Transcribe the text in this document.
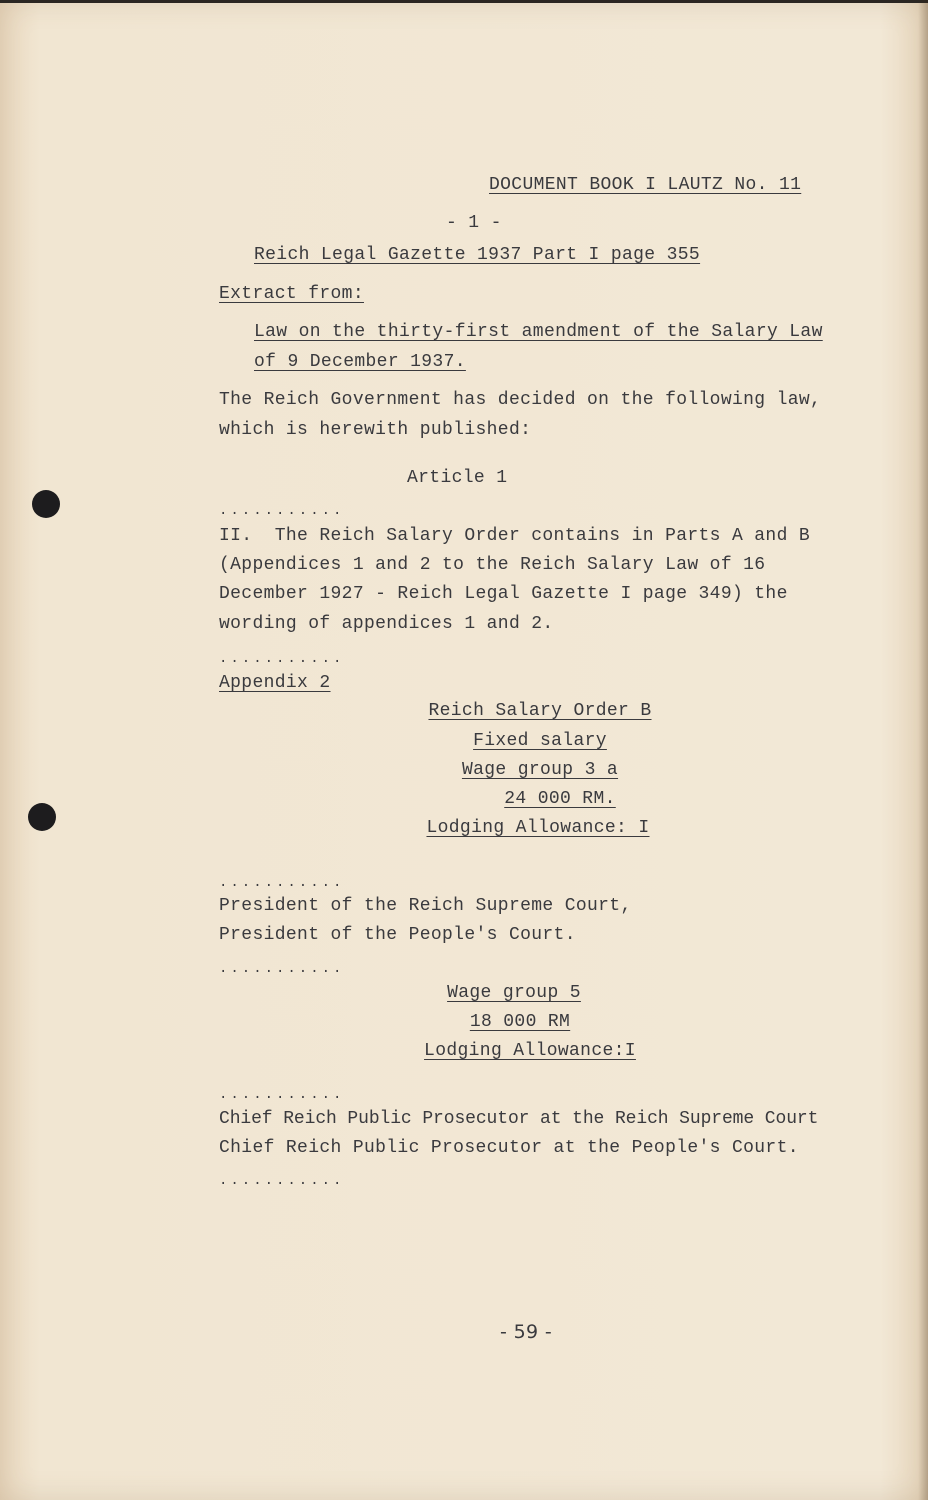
DOCUMENT BOOK I LAUTZ No. 11
- 1 -
Reich Legal Gazette 1937 Part I page 355
Extract from:
Law on the thirty-first amendment of the Salary Law
of 9 December 1937.
The Reich Government has decided on the following law,
which is herewith published:
Article 1
...........
II.  The Reich Salary Order contains in Parts A and B
(Appendices 1 and 2 to the Reich Salary Law of 16
December 1927 - Reich Legal Gazette I page 349) the
wording of appendices 1 and 2.
...........
Appendix 2
Reich Salary Order B
Fixed salary
Wage group 3 a
24 000 RM.
Lodging Allowance: I
...........
President of the Reich Supreme Court,
President of the People's Court.
...........
Wage group 5
18 000 RM
Lodging Allowance:I
...........
Chief Reich Public Prosecutor at the Reich Supreme Court
Chief Reich Public Prosecutor at the People's Court.
...........
- 59 -
